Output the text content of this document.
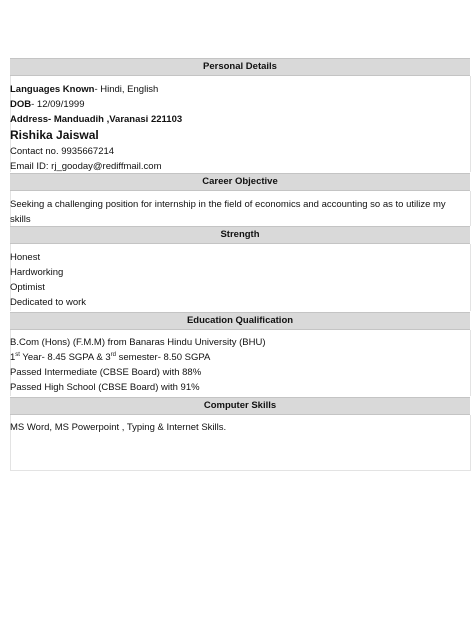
Personal Details
Languages Known- Hindi, English
DOB- 12/09/1999
Address- Manduadih ,Varanasi 221103
Rishika Jaiswal
Contact no. 9935667214
Email ID: rj_gooday@rediffmail.com
Career Objective
Seeking a challenging position for internship in the field of economics and accounting so as to utilize my skills
Strength
Honest
Hardworking
Optimist
Dedicated to work
Education Qualification
B.Com (Hons) (F.M.M) from Banaras Hindu University (BHU)
1st Year- 8.45 SGPA & 3rd semester- 8.50 SGPA
Passed Intermediate (CBSE Board) with 88%
Passed High School (CBSE Board) with 91%
Computer Skills
MS Word, MS Powerpoint , Typing & Internet Skills.
